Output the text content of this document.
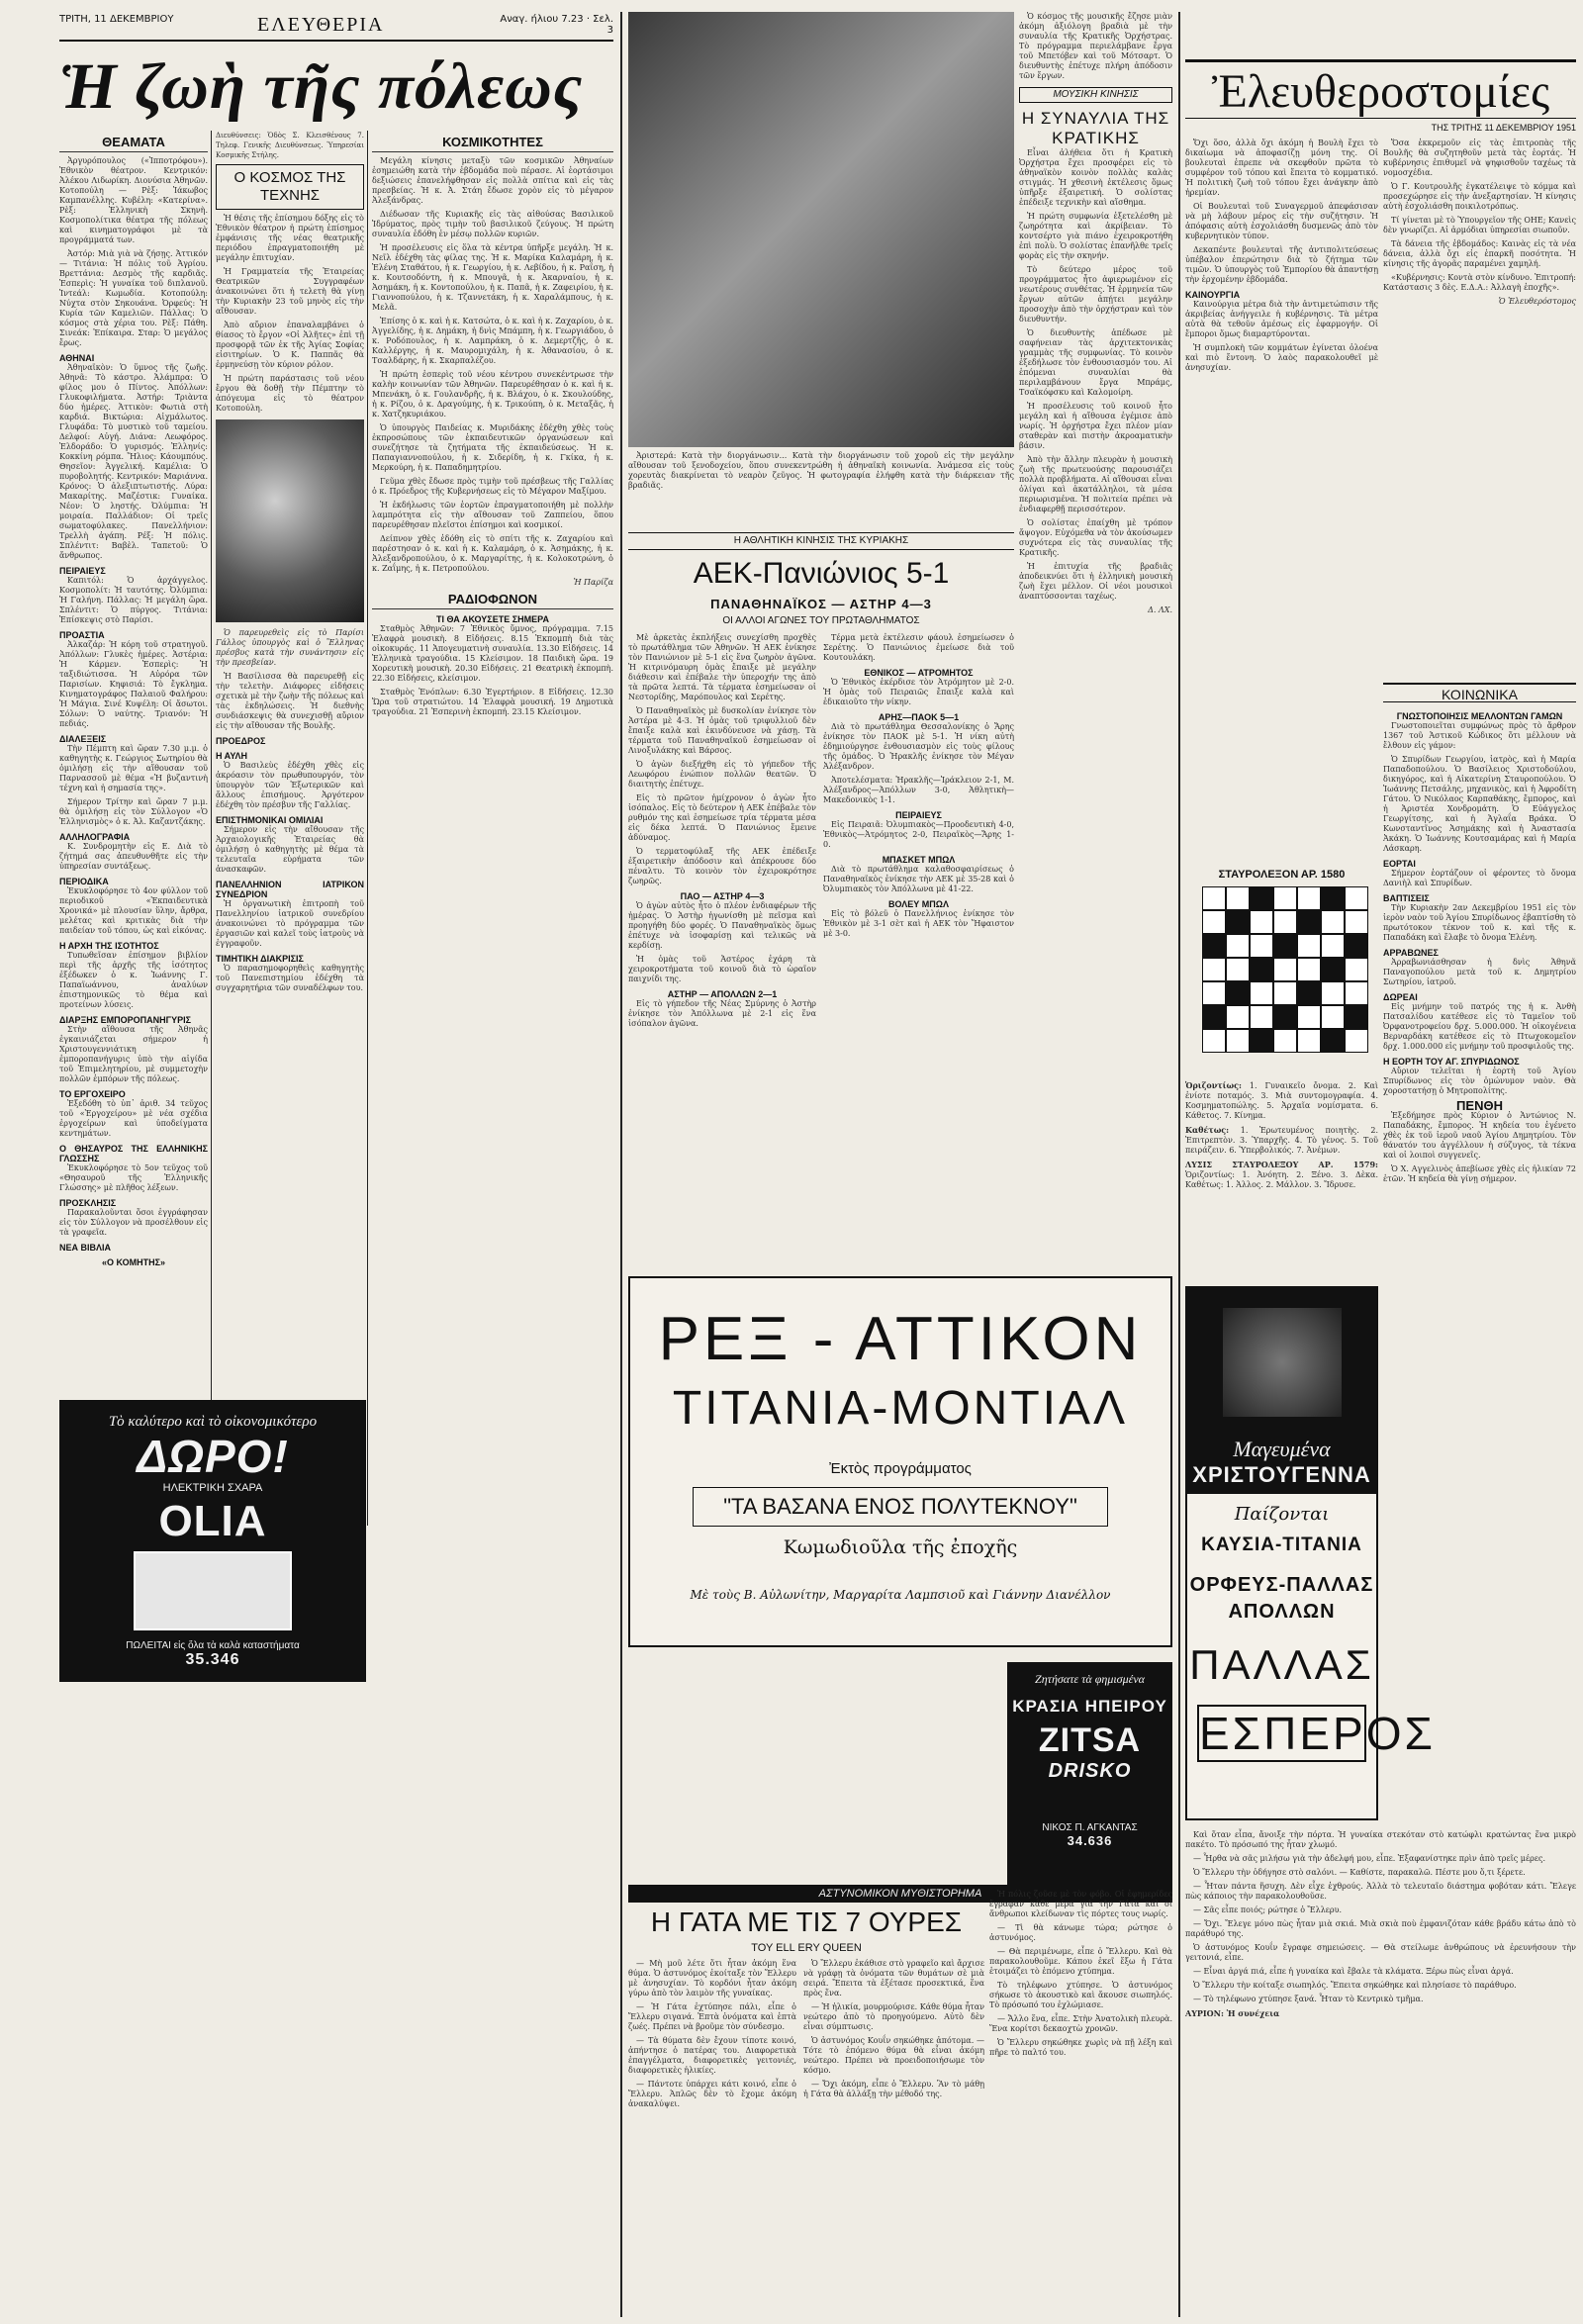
ΤΡΙΤΗ, 11 ΔΕΚΕΜΒΡΙΟΥ	ΕΛΕΥΘΕΡΙΑ	Αναγ. ήλιου 7.23 · Σελ. 3
Ἡ ζωὴ τῆς πόλεως
ΘΕΑΜΑΤΑ

Ἀργυρόπουλος («Ἰπποτρόφου»). Ἐθνικὸν θέατρον. Κεντρικόν: Ἀλέκου Λιδωρίκη. Διονύσια Ἀθηνῶν. Κοτοπούλη — Ρὲξ: Ἰάκωβος Καμπανέλλης. Κυβέλη: «Κατερίνα». Ρὲξ: Ἑλληνικὴ Σκηνὴ. Κοσμοπολίτικα θέατρα τῆς πόλεως καὶ κινηματογράφοι μὲ τὰ προγράμματά των.

Ἀστόρ: Μιὰ γιὰ νὰ ζήσῃς. Ἀττικόν — Τιτάνια: Ἡ πόλις τοῦ Ἀγρίου. Βρεττάνια: Δεσμὸς τῆς καρδιᾶς. Ἐσπερὶς: Ἡ γυναίκα τοῦ διπλανοῦ. Ἰντεάλ: Κωμωδία. Κοτοπούλη: Νύχτα στὸν Σηκουάνα. Ὀρφεύς: Ἡ Κυρία τῶν Καμελιῶν. Πάλλας: Ὁ κόσμος στὰ χέρια του. Ρὲξ: Πάθη. Σινεάκ: Ἐπίκαιρα. Σταρ: Ὁ μεγάλος ἔρως.

ΑΘΗΝΑΙ

Ἀθηναϊκὸν: Ὁ ὕμνος τῆς ζωῆς. Ἀθηνᾶ: Τὸ κάστρο. Ἀλάμπρα: Ὁ φίλος μου ὁ Πίντος. Ἀπόλλων: Γλυκοφιλήματα. Ἀστήρ: Τριὰντα δύο ἡμέρες. Ἀττικὸν: Φωτιὰ στὴ καρδιά. Βικτώρια: Αἰχμάλωτος. Γλυφάδα: Τὸ μυστικὸ τοῦ ταμείου. Δελφοί: Αὐγή. Διάνα: Λεωφόρος. Ἐλδοράδο: Ὁ γυρισμός. Ἑλληνίς: Κοκκίνη ρόμπα. Ἥλιος: Κάουμπόυς. Θησεῖον: Ἀγγελική. Καμέλια: Ὁ πυροβολητής. Κεντρικόν: Μαριάννα. Κρόνος: Ὁ ἀλεξιπτωτιστής. Λύρα: Μακαρίτης. Μαζέστικ: Γυναίκα. Νέον: Ὁ ληστής. Ὀλύμπια: Ἡ μοιραία. Παλλάδιον: Οἱ τρεῖς σωματοφύλακες. Πανελλήνιον: Τρελλὴ ἀγάπη. Ρέξ: Ἡ πόλις. Σπλέντιτ: Βαβὲλ. Ταπετοῦ: Ὁ ἄνθρωπος.

ΠΕΙΡΑΙΕΥΣ

Καπιτόλ: Ὁ ἀρχάγγελος. Κοσμοπολίτ: Ἡ ταυτότης. Ὀλύμπια: Ἡ Γαλήνη. Πάλλας: Ἡ μεγάλη ὥρα. Σπλέντιτ: Ὁ πύργος. Τιτάνια: Ἐπίσκεψις στὸ Παρίσι.

ΠΡΟΑΣΤΙΑ

Ἀλκαζάρ: Ἡ κόρη τοῦ στρατηγοῦ. Ἀπόλλων: Γλυκὲς ἡμέρες. Ἀστέρια: Ἡ Κάρμεν. Ἑσπερὶς: Ἡ ταξιδιώτισσα. Ἡ Αὐρόρα τῶν Παρισίων. Κηφισιά: Τὸ ἔγκλημα. Κινηματογράφος Παλαιοῦ Φαλήρου: Ἡ Μάγια. Σινέ Κυψέλη: Οἱ ἄσωτοι. Σόλων: Ὁ ναύτης. Τριανόν: Ἡ πεδιάς.

ΔΙΑΛΕΞΕΙΣ

Τὴν Πέμπτη καὶ ὥραν 7.30 μ.μ. ὁ καθηγητὴς κ. Γεώργιος Σωτηρίου θὰ ὁμιλήσῃ εἰς τὴν αἴθουσαν τοῦ Παρνασσοῦ μὲ θέμα «Ἡ βυζαντινὴ τέχνη καὶ ἡ σημασία της».

Σήμερον Τρίτην καὶ ὥραν 7 μ.μ. θὰ ὁμιλήσῃ εἰς τὸν Σύλλογον «Ὁ Ἑλληνισμὸς» ὁ κ. Ἀλ. Καζαντζάκης.

ΑΛΛΗΛΟΓΡΑΦΙΑ

Κ. Συνδρομητὴν εἰς Ε. Διὰ τὸ ζήτημά σας ἀπευθυνθῆτε εἰς τὴν ὑπηρεσίαν συντάξεως.

ΠΕΡΙΟΔΙΚΑ

Ἐκυκλοφόρησε τὸ 4ον φύλλον τοῦ περιοδικοῦ «Ἐκπαιδευτικὰ Χρονικά» μὲ πλουσίαν ὕλην, ἄρθρα, μελέτας καὶ κριτικὰς διὰ τὴν παιδείαν τοῦ τόπου, ὡς καὶ εἰκόνας.

Η ΑΡΧΗ ΤΗΣ ΙΣΟΤΗΤΟΣ

Τυπωθεῖσαν ἐπίσημον βιβλίον περὶ τῆς ἀρχῆς τῆς ἰσότητος ἐξέδωκεν ὁ κ. Ἰωάννης Γ. Παπαϊωάννου, ἀναλύων ἐπιστημονικῶς τὸ θέμα καὶ προτείνων λύσεις.

ΔΙΑΡΞΗΣ ΕΜΠΟΡΟΠΑΝΗΓΥΡΙΣ

Στὴν αἴθουσα τῆς Ἀθηνᾶς ἐγκαινιάζεται σήμερον ἡ Χριστουγεννιάτικη ἐμποροπανήγυρις ὑπὸ τὴν αἰγίδα τοῦ Ἐπιμελητηρίου, μὲ συμμετοχὴν πολλῶν ἐμπόρων τῆς πόλεως.

ΤΟ ΕΡΓΟΧΕΙΡΟ

Ἐξεδόθη τὸ ὑπ᾽ ἀριθ. 34 τεῦχος τοῦ «Ἐργοχείρου» μὲ νέα σχέδια ἐργοχείρων καὶ ὑποδείγματα κεντημάτων.

Ο ΘΗΣΑΥΡΟΣ ΤΗΣ ΕΛΛΗΝΙΚΗΣ ΓΛΩΣΣΗΣ

Ἐκυκλοφόρησε τὸ 5ον τεῦχος τοῦ «Θησαυροῦ τῆς Ἑλληνικῆς Γλώσσης» μὲ πλῆθος λέξεων.

ΠΡΟΣΚΛΗΣΙΣ

Παρακαλοῦνται ὅσοι ἐγγράφησαν εἰς τὸν Σύλλογον νὰ προσέλθουν εἰς τὰ γραφεῖα.

ΝΕΑ ΒΙΒΛΙΑ
«Ο ΚΟΜΗΤΗΣ»

Διευθύνσεις: Ὁδὸς Σ. Κλεισθένους 7. Τηλεφ. Γενικῆς Διευθύνσεως. Ὑπηρεσίαι Κοσμικῆς Στήλης.

Ο ΚΟΣΜΟΣ ΤΗΣ ΤΕΧΝΗΣ

Ἡ θέσις τῆς ἐπίσημου δόξης εἰς τὸ Ἐθνικὸν θέατρον ἡ πρώτη ἐπίσημος ἐμφάνισις τῆς νέας θεατρικῆς περιόδου ἐπραγματοποιήθη μὲ μεγάλην ἐπιτυχίαν.

Ἡ Γραμματεία τῆς Ἑταιρείας Θεατρικῶν Συγγραφέων ἀνακοινώνει ὅτι ἡ τελετὴ θὰ γίνῃ τὴν Κυριακὴν 23 τοῦ μηνὸς εἰς τὴν αἴθουσαν.

Ἀπὸ αὔριον ἐπαναλαμβάνει ὁ θίασος τὸ ἔργον «Οἱ Ἀλῆτες» ἐπὶ τῇ προσφορᾷ τῶν ἐκ τῆς Ἀγίας Σοφίας εἰσιτηρίων. Ὁ Κ. Παππᾶς θὰ ἑρμηνεύσῃ τὸν κύριον ρόλον.

Ἡ πρώτη παράστασις τοῦ νέου ἔργου θὰ δοθῇ τὴν Πέμπτην τὸ ἀπόγευμα εἰς τὸ θέατρον Κοτοπούλη.

Ὁ παρευρεθεὶς εἰς τὸ Παρίσι Γάλλος ὑπουργὸς καὶ ὁ Ἕλληνας πρέσβυς κατὰ τὴν συνάντησιν εἰς τὴν πρεσβείαν.

Ἡ Βασίλισσα θὰ παρευρεθῇ εἰς τὴν τελετὴν. Διάφορες εἰδήσεις σχετικὰ μὲ τὴν ζωὴν τῆς πόλεως καὶ τὰς ἐκδηλώσεις. Ἡ διεθνὴς συνδιάσκεψις θὰ συνεχισθῇ αὔριον εἰς τὴν αἴθουσαν τῆς Βουλῆς.

ΠΡΟΕΔΡΟΣ
Η ΑΥΛΗ

Ὁ Βασιλεὺς ἐδέχθη χθὲς εἰς ἀκρόασιν τὸν πρωθυπουργόν, τὸν ὑπουργὸν τῶν Ἐξωτερικῶν καὶ ἄλλους ἐπισήμους. Ἀργότερον ἐδέχθη τὸν πρέσβυν τῆς Γαλλίας.

ΕΠΙΣΤΗΜΟΝΙΚΑΙ ΟΜΙΛΙΑΙ

Σήμερον εἰς τὴν αἴθουσαν τῆς Ἀρχαιολογικῆς Ἑταιρείας θὰ ὁμιλήσῃ ὁ καθηγητὴς μὲ θέμα τὰ τελευταῖα εὑρήματα τῶν ἀνασκαφῶν.

ΠΑΝΕΛΛΗΝΙΟΝ ΙΑΤΡΙΚΟΝ ΣΥΝΕΔΡΙΟΝ

Ἡ ὀργανωτικὴ ἐπιτροπὴ τοῦ Πανελληνίου ἰατρικοῦ συνεδρίου ἀνακοινώνει τὸ πρόγραμμα τῶν ἐργασιῶν καὶ καλεῖ τοὺς ἰατροὺς νὰ ἐγγραφοῦν.

ΤΙΜΗΤΙΚΗ ΔΙΑΚΡΙΣΙΣ

Ὁ παρασημοφορηθεὶς καθηγητὴς τοῦ Πανεπιστημίου ἐδέχθη τὰ συγχαρητήρια τῶν συναδέλφων του.

ΚΟΣΜΙΚΟΤΗΤΕΣ

Μεγάλη κίνησις μεταξὺ τῶν κοσμικῶν Ἀθηναίων ἐσημειώθη κατὰ τὴν ἑβδομάδα ποὺ πέρασε. Αἱ ἑορτάσιμοι δεξιώσεις ἐπανελήφθησαν εἰς πολλὰ σπίτια καὶ εἰς τὰς πρεσβείας. Ἡ κ. Ἀ. Στάη ἔδωσε χορὸν εἰς τὸ μέγαρον Ἀλεξάνδρας.

Διέδωσαν τῆς Κυριακῆς εἰς τὰς αἰθούσας Βασιλικοῦ Ἱδρύματος, πρὸς τιμὴν τοῦ βασιλικοῦ ζεύγους. Ἡ πρώτη συναυλία ἐδόθη ἐν μέσῳ πολλῶν κυριῶν.

Ἡ προσέλευσις εἰς ὅλα τὰ κέντρα ὑπῆρξε μεγάλη. Ἡ κ. Νεῖλ ἐδέχθη τὰς φίλας της. Ἡ κ. Μαρίκα Καλαμάρη, ἡ κ. Ἐλένη Σταθάτου, ἡ κ. Γεωργίου, ἡ κ. Λεβίδου, ἡ κ. Ραΐση, ἡ κ. Κουτσοδόντη, ἡ κ. Μπουγᾶ, ἡ κ. Ἀκαρναίου, ἡ κ. Ἀσημάκη, ἡ κ. Κοντοπούλου, ἡ κ. Παπᾶ, ἡ κ. Ζαφειρίου, ἡ κ. Γιαννοπούλου, ἡ κ. Τζαννετάκη, ἡ κ. Χαραλάμπους, ἡ κ. Μελᾶ.

Ἐπίσης ὁ κ. καὶ ἡ κ. Κατσώτα, ὁ κ. καὶ ἡ κ. Ζαχαρίου, ὁ κ. Ἀγγελίδης, ἡ κ. Δημάκη, ἡ δνὶς Μπάμπη, ἡ κ. Γεωργιάδου, ὁ κ. Ροδόπουλος, ἡ κ. Λαμπράκη, ὁ κ. Δεμερτζῆς, ὁ κ. Καλλέργης, ἡ κ. Μαυρομιχάλη, ἡ κ. Ἀθανασίου, ὁ κ. Τσαλδάρης, ἡ κ. Σκαρπαλέζου.

Ἡ πρώτη ἐσπερὶς τοῦ νέου κέντρου συνεκέντρωσε τὴν καλὴν κοινωνίαν τῶν Ἀθηνῶν. Παρευρέθησαν ὁ κ. καὶ ἡ κ. Μπενάκη, ὁ κ. Γουλανδρῆς, ἡ κ. Βλάχου, ὁ κ. Σκουλούδης, ἡ κ. Ρίζου, ὁ κ. Δραγούμης, ἡ κ. Τρικούπη, ὁ κ. Μεταξᾶς, ἡ κ. Χατζηκυριάκου.

Ὁ ὑπουργὸς Παιδείας κ. Μυριδάκης ἐδέχθη χθὲς τοὺς ἐκπροσώπους τῶν ἐκπαιδευτικῶν ὀργανώσεων καὶ συνεζήτησε τὰ ζητήματα τῆς ἐκπαιδεύσεως. Ἡ κ. Παπαγιαννοπούλου, ἡ κ. Σιδερίδη, ἡ κ. Γκίκα, ἡ κ. Μερκούρη, ἡ κ. Παπαδημητρίου.

Γεῦμα χθὲς ἔδωσε πρὸς τιμὴν τοῦ πρέσβεως τῆς Γαλλίας ὁ κ. Πρόεδρος τῆς Κυβερνήσεως εἰς τὸ Μέγαρον Μαξίμου.

Ἡ ἐκδήλωσις τῶν ἑορτῶν ἐπραγματοποιήθη μὲ πολλὴν λαμπρότητα εἰς τὴν αἴθουσαν τοῦ Ζαππείου, ὅπου παρευρέθησαν πλεῖστοι ἐπίσημοι καὶ κοσμικοί.

Δείπνον χθὲς ἐδόθη εἰς τὸ σπίτι τῆς κ. Ζαχαρίου καὶ παρέστησαν ὁ κ. καὶ ἡ κ. Καλαμάρη, ὁ κ. Ἀσημάκης, ἡ κ. Ἀλεξανδροπούλου, ὁ κ. Μαργαρίτης, ἡ κ. Κολοκοτρώνη, ὁ κ. Ζαΐμης, ἡ κ. Πετροπούλου.

Ἡ Παρίζα

ΡΑΔΙΟΦΩΝΟΝ
ΤΙ ΘΑ ΑΚΟΥΣΕΤΕ ΣΗΜΕΡΑ

Σταθμὸς Ἀθηνῶν: 7 Ἐθνικὸς ὕμνος, πρόγραμμα. 7.15 Ἐλαφρὰ μουσικὴ. 8 Εἰδήσεις. 8.15 Ἐκπομπὴ διὰ τὰς οἰκοκυράς. 11 Ἀπογευματινὴ συναυλία. 13.30 Εἰδήσεις. 14 Ἑλληνικὰ τραγούδια. 15 Κλείσιμον. 18 Παιδικὴ ὥρα. 19 Χορευτικὴ μουσικὴ. 20.30 Εἰδήσεις. 21 Θεατρικὴ ἐκπομπὴ. 22.30 Εἰδήσεις, κλείσιμον.

Σταθμὸς Ἐνόπλων: 6.30 Ἐγερτήριον. 8 Εἰδήσεις. 12.30 Ὥρα τοῦ στρατιώτου. 14 Ἐλαφρὰ μουσική. 19 Δημοτικὰ τραγούδια. 21 Ἑσπερινὴ ἐκπομπή. 23.15 Κλείσιμον.

Τὸ καλύτερο καὶ τὸ οἰκονομικότερο
ΔΩΡΟ!
ΗΛΕΚΤΡΙΚΗ ΣΧΑΡΑ
OLIA
ΠΩΛΕΙΤΑΙ εἰς ὅλα τὰ καλὰ καταστήματα
35.346

Ἀριστερά: Κατὰ τὴν διοργάνωσιν... Κατὰ τὴν διοργάνωσιν τοῦ χοροῦ εἰς τὴν μεγάλην αἴθουσαν τοῦ ξενοδοχείου, ὅπου συνεκεντρώθη ἡ ἀθηναϊκὴ κοινωνία. Ἀνάμεσα εἰς τοὺς χορευτὰς διακρίνεται τὸ νεαρὸν ζεῦγος. Ἡ φωτογραφία ἐλήφθη κατὰ τὴν διάρκειαν τῆς βραδιᾶς.

Ὁ κόσμος τῆς μουσικῆς ἔζησε μιὰν ἀκόμη ἀξιόλογη βραδιὰ μὲ τὴν συναυλία τῆς Κρατικῆς Ὀρχήστρας. Τὸ πρόγραμμα περιελάμβανε ἔργα τοῦ Μπετόβεν καὶ τοῦ Μότσαρτ. Ὁ διευθυντὴς ἐπέτυχε πλήρη ἀπόδοσιν τῶν ἔργων.

ΜΟΥΣΙΚΗ ΚΙΝΗΣΙΣ
Η ΣΥΝΑΥΛΙΑ ΤΗΣ ΚΡΑΤΙΚΗΣ

Εἶναι ἀλήθεια ὅτι ἡ Κρατικὴ Ὀρχήστρα ἔχει προσφέρει εἰς τὸ ἀθηναϊκὸν κοινὸν πολλὰς καλὰς στιγμάς. Ἡ χθεσινὴ ἐκτέλεσις ὅμως ὑπῆρξε ἐξαιρετική. Ὁ σολίστας ἐπέδειξε τεχνικὴν καὶ αἴσθημα.

Ἡ πρώτη συμφωνία ἐξετελέσθη μὲ ζωηρότητα καὶ ἀκρίβειαν. Τὸ κοντσέρτο γιὰ πιάνο ἐχειροκροτήθη ἐπὶ πολὺ. Ὁ σολίστας ἐπανῆλθε τρεῖς φορὰς εἰς τὴν σκηνήν.

Τὸ δεύτερο μέρος τοῦ προγράμματος ἦτο ἀφιερωμένον εἰς νεωτέρους συνθέτας. Ἡ ἑρμηνεία τῶν ἔργων αὐτῶν ἀπῄτει μεγάλην προσοχὴν ἀπὸ τὴν ὀρχήστραν καὶ τὸν διευθυντήν.

Ὁ διευθυντὴς ἀπέδωσε μὲ σαφήνειαν τὰς ἀρχιτεκτονικὰς γραμμὰς τῆς συμφωνίας. Τὸ κοινὸν ἐξεδήλωσε τὸν ἐνθουσιασμόν του. Αἱ ἑπόμεναι συναυλίαι θὰ περιλαμβάνουν ἔργα Μπράμς, Τσαϊκόφσκυ καὶ Καλομοίρη.

Ἡ προσέλευσις τοῦ κοινοῦ ἦτο μεγάλη καὶ ἡ αἴθουσα ἐγέμισε ἀπὸ νωρίς. Ἡ ὀρχήστρα ἔχει πλέον μίαν σταθερὰν καὶ πιστὴν ἀκροαματικὴν βάσιν.

Ἀπὸ τὴν ἄλλην πλευρὰν ἡ μουσικὴ ζωὴ τῆς πρωτευούσης παρουσιάζει πολλὰ προβλήματα. Αἱ αἴθουσαι εἶναι ὀλίγαι καὶ ἀκατάλληλοι, τὰ μέσα περιωρισμένα. Ἡ πολιτεία πρέπει νὰ ἐνδιαφερθῇ περισσότερον.

Ὁ σολίστας ἐπαίχθη μὲ τρόπον ἄψογον. Εὐχόμεθα νὰ τὸν ἀκούσωμεν συχνότερα εἰς τὰς συναυλίας τῆς Κρατικῆς.

Ἡ ἐπιτυχία τῆς βραδιᾶς ἀποδεικνύει ὅτι ἡ ἑλληνικὴ μουσικὴ ζωὴ ἔχει μέλλον. Οἱ νέοι μουσικοὶ ἀναπτύσσονται ταχέως.

Δ. ΛΧ.

Η ΑΘΛΗΤΙΚΗ ΚΙΝΗΣΙΣ ΤΗΣ ΚΥΡΙΑΚΗΣ
ΑΕΚ-Πανιώνιος 5-1
ΠΑΝΑΘΗΝΑΪΚΟΣ — ΑΣΤΗΡ 4—3
ΟΙ ΑΛΛΟΙ ΑΓΩΝΕΣ ΤΟΥ ΠΡΩΤΑΘΛΗΜΑΤΟΣ

Μὲ ἀρκετὰς ἐκπλήξεις συνεχίσθη προχθὲς τὸ πρωτάθλημα τῶν Ἀθηνῶν. Ἡ ΑΕΚ ἐνίκησε τὸν Πανιώνιον μὲ 5-1 εἰς ἕνα ζωηρὸν ἀγῶνα. Ἡ κιτρινόμαυρη ὁμὰς ἔπαιξε μὲ μεγάλην διάθεσιν καὶ ἐπέβαλε τὴν ὑπεροχήν της ἀπὸ τὰ πρῶτα λεπτά. Τὰ τέρματα ἐσημείωσαν οἱ Νεστορίδης, Μαρόπουλος καὶ Σερέτης.

Ὁ Παναθηναϊκὸς μὲ δυσκολίαν ἐνίκησε τὸν Ἀστέρα μὲ 4-3. Ἡ ὁμὰς τοῦ τριφυλλιοῦ δὲν ἔπαιξε καλὰ καὶ ἐκινδύνευσε νὰ χάσῃ. Τὰ τέρματα τοῦ Παναθηναϊκοῦ ἐσημείωσαν οἱ Λινοξυλάκης καὶ Βάρσος.

Ὁ ἀγὼν διεξήχθη εἰς τὸ γήπεδον τῆς Λεωφόρου ἐνώπιον πολλῶν θεατῶν. Ὁ διαιτητὴς ἐπέτυχε.

Εἰς τὸ πρῶτον ἡμίχρονον ὁ ἀγὼν ἦτο ἰσόπαλος. Εἰς τὸ δεύτερον ἡ ΑΕΚ ἐπέβαλε τὸν ρυθμόν της καὶ ἐσημείωσε τρία τέρματα μέσα εἰς δέκα λεπτά. Ὁ Πανιώνιος ἔμεινε ἀδύναμος.

Ὁ τερματοφύλαξ τῆς ΑΕΚ ἐπέδειξε ἐξαιρετικὴν ἀπόδοσιν καὶ ἀπέκρουσε δύο πέναλτυ. Τὸ κοινὸν τὸν ἐχειροκρότησε ζωηρῶς.

ΠΑΟ — ΑΣΤΗΡ 4—3

Ὁ ἀγὼν αὐτὸς ἦτο ὁ πλέον ἐνδιαφέρων τῆς ἡμέρας. Ὁ Ἀστὴρ ἠγωνίσθη μὲ πεῖσμα καὶ προηγήθη δύο φορές. Ὁ Παναθηναϊκὸς ὅμως ἐπέτυχε νὰ ἰσοφαρίσῃ καὶ τελικῶς νὰ κερδίσῃ.

Ἡ ὁμὰς τοῦ Ἀστέρος ἐχάρη τὰ χειροκροτήματα τοῦ κοινοῦ διὰ τὸ ὡραῖον παιχνίδι της.

ΑΣΤΗΡ — ΑΠΟΛΛΩΝ 2—1

Εἰς τὸ γήπεδον τῆς Νέας Σμύρνης ὁ Ἀστὴρ ἐνίκησε τὸν Ἀπόλλωνα μὲ 2-1 εἰς ἕνα ἰσόπαλον ἀγῶνα.

Τέρμα μετὰ ἐκτέλεσιν φάουλ ἐσημείωσεν ὁ Σερέτης. Ὁ Πανιώνιος ἐμείωσε διὰ τοῦ Κουτουλάκη.

ΕΘΝΙΚΟΣ — ΑΤΡΟΜΗΤΟΣ

Ὁ Ἐθνικὸς ἐκέρδισε τὸν Ἀτρόμητον μὲ 2-0. Ἡ ὁμὰς τοῦ Πειραιῶς ἔπαιξε καλὰ καὶ ἐδικαιοῦτο τὴν νίκην.

ΑΡΗΣ—ΠΑΟΚ 5—1

Διὰ τὸ πρωτάθλημα Θεσσαλονίκης ὁ Ἄρης ἐνίκησε τὸν ΠΑΟΚ μὲ 5-1. Ἡ νίκη αὐτὴ ἐδημιούργησε ἐνθουσιασμὸν εἰς τοὺς φίλους τῆς ὁμάδος. Ὁ Ἡρακλῆς ἐνίκησε τὸν Μέγαν Ἀλέξανδρον.

Ἀποτελέσματα: Ἡρακλῆς—Ἰράκλειον 2-1, Μ. Ἀλέξανδρος—Ἀπόλλων 3-0, Ἀθλητικὴ—Μακεδονικὸς 1-1.

ΠΕΙΡΑΙΕΥΣ

Εἰς Πειραιᾶ: Ὀλυμπιακὸς—Προοδευτικὴ 4-0, Ἐθνικὸς—Ἀτρόμητος 2-0, Πειραϊκὸς—Ἄρης 1-0.

ΜΠΑΣΚΕΤ ΜΠΩΛ

Διὰ τὸ πρωτάθλημα καλαθοσφαιρίσεως ὁ Παναθηναϊκὸς ἐνίκησε τὴν ΑΕΚ μὲ 35-28 καὶ ὁ Ὀλυμπιακὸς τὸν Ἀπόλλωνα μὲ 41-22.

ΒΟΛΕΥ ΜΠΩΛ

Εἰς τὸ βόλεϋ ὁ Πανελλήνιος ἐνίκησε τὸν Ἐθνικὸν μὲ 3-1 σὲτ καὶ ἡ ΑΕΚ τὸν Ἥφαιστον μὲ 3-0.

ΡΕΞ - ΑΤΤΙΚΟΝ
ΤΙΤΑΝΙΑ-ΜΟΝΤΙΑΛ
Ἐκτὸς προγράμματος
"ΤΑ ΒΑΣΑΝΑ ΕΝΟΣ ΠΟΛΥΤΕΚΝΟΥ"
Κωμωδιοῦλα τῆς ἐποχῆς
Μὲ τοὺς Β. Αὐλωνίτην, Μαργαρίτα Λαμπσιοῦ καὶ Γιάννην Διανέλλον
Ζητήσατε τὰ φημισμένα
ΚΡΑΣΙΑ ΗΠΕΙΡΟΥ
ZITSA
DRISKO
ΝΙΚΟΣ Π. ΑΓΚΑΝΤΑΣ
34.636
ΑΣΤΥΝΟΜΙΚΟΝ ΜΥΘΙΣΤΟΡΗΜΑ
Η ΓΑΤΑ ΜΕ ΤΙΣ 7 ΟΥΡΕΣ
ΤΟΥ ELL ERY QUEEN

— Μὴ μοῦ λέτε ὅτι ἦταν ἀκόμη ἕνα θύμα. Ὁ ἀστυνόμος ἐκοίταξε τὸν Ἔλλερυ μὲ ἀνησυχίαν. Τὸ κορδόνι ἦταν ἀκόμη γύρω ἀπὸ τὸν λαιμὸν τῆς γυναίκας.

— Ἡ Γάτα ἐχτύπησε πάλι, εἶπε ὁ Ἔλλερυ σιγανά. Ἑπτὰ ὀνόματα καὶ ἑπτὰ ζωές. Πρέπει νὰ βροῦμε τὸν σύνδεσμο.

— Τὰ θύματα δὲν ἔχουν τίποτε κοινό, ἀπήντησε ὁ πατέρας του. Διαφορετικὰ ἐπαγγέλματα, διαφορετικὲς γειτονιές, διαφορετικὲς ἡλικίες.

— Πάντοτε ὑπάρχει κάτι κοινό, εἶπε ὁ Ἔλλερυ. Ἁπλῶς δὲν τὸ ἔχομε ἀκόμη ἀνακαλύψει.

Ὁ Ἔλλερυ ἐκάθισε στὸ γραφεῖο καὶ ἄρχισε νὰ γράφῃ τὰ ὀνόματα τῶν θυμάτων σὲ μιὰ σειρά. Ἔπειτα τὰ ἐξέτασε προσεκτικά, ἕνα πρὸς ἕνα.

— Ἡ ἡλικία, μουρμούρισε. Κάθε θύμα ἦταν νεώτερο ἀπὸ τὸ προηγούμενο. Αὐτὸ δὲν εἶναι σύμπτωσις.

Ὁ ἀστυνόμος Κουΐν σηκώθηκε ἀπότομα. — Τότε τὸ ἑπόμενο θύμα θὰ εἶναι ἀκόμη νεώτερο. Πρέπει νὰ προειδοποιήσωμε τὸν κόσμο.

— Ὄχι ἀκόμη, εἶπε ὁ Ἔλλερυ. Ἂν τὸ μάθῃ ἡ Γάτα θὰ ἀλλάξῃ τὴν μέθοδό της.

Ἡ πόλις ζοῦσε μὲ τὸν φόβο. Οἱ ἐφημερίδες ἔγραφαν κάθε μέρα γιὰ τὴν Γάτα καὶ οἱ ἄνθρωποι κλείδωναν τὶς πόρτες τους νωρίς.

— Τὶ θὰ κάνωμε τώρα; ρώτησε ὁ ἀστυνόμος.

— Θὰ περιμένωμε, εἶπε ὁ Ἔλλερυ. Καὶ θὰ παρακολουθοῦμε. Κάπου ἐκεῖ ἔξω ἡ Γάτα ἑτοιμάζει τὸ ἑπόμενο χτύπημα.

Τὸ τηλέφωνο χτύπησε. Ὁ ἀστυνόμος σήκωσε τὸ ἀκουστικὸ καὶ ἄκουσε σιωπηλός. Τὸ πρόσωπό του ἐχλώμιασε.

— Ἄλλο ἕνα, εἶπε. Στὴν Ἀνατολικὴ πλευρὰ. Ἕνα κορίτσι δεκαοχτὼ χρονῶν.

Ὁ Ἔλλερυ σηκώθηκε χωρὶς νὰ πῇ λέξη καὶ πῆρε τὸ παλτό του.

Ἐλευθεροστομίες
ΤΗΣ ΤΡΙΤΗΣ 11 ΔΕΚΕΜΒΡΙΟΥ 1951

Ὄχι ὅσο, ἀλλὰ ὄχι ἀκόμη ἡ Βουλὴ ἔχει τὸ δικαίωμα νὰ ἀποφασίζῃ μόνη της. Οἱ βουλευταὶ ἐπρεπε νὰ σκεφθοῦν πρῶτα τὸ συμφέρον τοῦ τόπου καὶ ἔπειτα τὸ κομματικό. Ἡ πολιτικὴ ζωὴ τοῦ τόπου ἔχει ἀνάγκην ἀπὸ ἠρεμίαν.

Οἱ Βουλευταὶ τοῦ Συναγερμοῦ ἀπεφάσισαν νὰ μὴ λάβουν μέρος εἰς τὴν συζήτησιν. Ἡ ἀπόφασις αὐτὴ ἐσχολιάσθη δυσμενῶς ἀπὸ τὸν κυβερνητικὸν τύπον.

Δεκαπέντε βουλευταὶ τῆς ἀντιπολιτεύσεως ὑπέβαλον ἐπερώτησιν διὰ τὸ ζήτημα τῶν τιμῶν. Ὁ ὑπουργὸς τοῦ Ἐμπορίου θὰ ἀπαντήσῃ τὴν ἐρχομένην ἑβδομάδα.

ΚΑΙΝΟΥΡΓΙΑ

Καινούργια μέτρα διὰ τὴν ἀντιμετώπισιν τῆς ἀκριβείας ἀνήγγειλε ἡ κυβέρνησις. Τὰ μέτρα αὐτὰ θὰ τεθοῦν ἀμέσως εἰς ἐφαρμογήν. Οἱ ἔμποροι ὅμως διαμαρτύρονται.

Ἡ συμπλοκὴ τῶν κομμάτων ἐγίνεται ὁλοένα καὶ πιὸ ἔντονη. Ὁ λαὸς παρακολουθεῖ μὲ ἀνησυχίαν.

Ὅσα ἐκκρεμοῦν εἰς τὰς ἐπιτροπὰς τῆς Βουλῆς θὰ συζητηθοῦν μετὰ τὰς ἑορτάς. Ἡ κυβέρνησις ἐπιθυμεῖ νὰ ψηφισθοῦν ταχέως τὰ νομοσχέδια.

Ὁ Γ. Κουτρουλῆς ἐγκατέλειψε τὸ κόμμα καὶ προσεχώρησε εἰς τὴν ἀνεξαρτησίαν. Ἡ κίνησις αὐτὴ ἐσχολιάσθη ποικιλοτρόπως.

Τί γίνεται μὲ τὸ Ὑπουργεῖον τῆς ΟΗΕ; Κανεὶς δὲν γνωρίζει. Αἱ ἀρμόδιαι ὑπηρεσίαι σιωποῦν.

Τὰ δάνεια τῆς ἑβδομάδος: Καινὰς εἰς τὰ νέα δάνεια, ἀλλὰ ὄχι εἰς ἐπαρκῆ ποσότητα. Ἡ κίνησις τῆς ἀγορᾶς παραμένει χαμηλή.

«Κυβέρνησις: Κοντὰ στὸν κίνδυνο. Ἐπιτροπή: Κατάστασις 3 δὲς. Ε.Δ.Α.: Ἀλλαγὴ ἐποχῆς».

Ὁ Ἐλευθερόστομος

ΚΟΙΝΩΝΙΚΑ
ΓΝΩΣΤΟΠΟΙΗΣΙΣ ΜΕΛΛΟΝΤΩΝ ΓΑΜΩΝ

Γνωστοποιεῖται συμφώνως πρὸς τὸ ἄρθρον 1367 τοῦ Ἀστικοῦ Κώδικος ὅτι μέλλουν νὰ ἔλθουν εἰς γάμον:

Ὁ Σπυρίδων Γεωργίου, ἰατρὸς, καὶ ἡ Μαρία Παπαδοπούλου. Ὁ Βασίλειος Χριστοδούλου, δικηγόρος, καὶ ἡ Αἰκατερίνη Σταυροπούλου. Ὁ Ἰωάννης Πετσάλης, μηχανικὸς, καὶ ἡ Ἀφροδίτη Γάτου. Ὁ Νικόλαος Καρπαθάκης, ἔμπορος, καὶ ἡ Ἀριστέα Χονδρομάτη. Ὁ Εὐάγγελος Γεωργίτσης, καὶ ἡ Ἀγλαΐα Βράκα. Ὁ Κωνσταντῖνος Ἀσημάκης καὶ ἡ Ἀναστασία Ἀκάκη. Ὁ Ἰωάννης Κουτσαμάρας καὶ ἡ Μαρία Λάσκαρη.

ΕΟΡΤΑΙ

Σήμερον ἑορτάζουν οἱ φέροντες τὸ ὄνομα Δανιὴλ καὶ Σπυρίδων.

ΒΑΠΤΙΣΕΙΣ

Τὴν Κυριακὴν 2αν Δεκεμβρίου 1951 εἰς τὸν ἱερὸν ναὸν τοῦ Ἁγίου Σπυρίδωνος ἐβαπτίσθη τὸ πρωτότοκον τέκνον τοῦ κ. καὶ τῆς κ. Παπαδάκη καὶ ἔλαβε τὸ ὄνομα Ἐλένη.

ΑΡΡΑΒΩΝΕΣ

Ἀρραβωνιάσθησαν ἡ δνὶς Ἀθηνᾶ Παναγοπούλου μετὰ τοῦ κ. Δημητρίου Σωτηρίου, ἰατροῦ.

ΔΩΡΕΑΙ

Εἰς μνήμην τοῦ πατρός της ἡ κ. Ἀνθὴ Πατσαλίδου κατέθεσε εἰς τὸ Ταμεῖον τοῦ Ὀρφανοτροφείου δρχ. 5.000.000. Ἡ οἰκογένεια Βερναρδάκη κατέθεσε εἰς τὸ Πτωχοκομεῖον δρχ. 1.000.000 εἰς μνήμην τοῦ προσφιλοῦς της.

Η ΕΟΡΤΗ ΤΟΥ ΑΓ. ΣΠΥΡΙΔΩΝΟΣ

Αὔριον τελεῖται ἡ ἑορτὴ τοῦ Ἁγίου Σπυρίδωνος εἰς τὸν ὁμώνυμον ναὸν. Θὰ χοροστατήσῃ ὁ Μητροπολίτης.

ΠΕΝΘΗ

Ἐξεδήμησε πρὸς Κύριον ὁ Ἀντώνιος Ν. Παπαδάκης, ἔμπορος. Ἡ κηδεία του ἐγένετο χθὲς ἐκ τοῦ ἱεροῦ ναοῦ Ἁγίου Δημητρίου. Τὸν θάνατόν του ἀγγέλλουν ἡ σύζυγος, τὰ τέκνα καὶ οἱ λοιποὶ συγγενεῖς.

Ὁ Χ. Αγγελινὸς ἀπεβίωσε χθὲς εἰς ἡλικίαν 72 ἐτῶν. Ἡ κηδεία θὰ γίνῃ σήμερον.

ΣΤΑΥΡΟΛΕΞΟΝ ΑΡ. 1580

Ὁριζοντίως: 1. Γυναικεῖο ὄνομα. 2. Καὶ ἐνίοτε ποταμός. 3. Μιὰ συντομογραφία. 4. Κοσμηματοπώλης. 5. Ἀρχαῖα νομίσματα. 6. Κάθετος. 7. Κίνημα.

Καθέτως: 1. Ἐρωτευμένος ποιητὴς. 2. Ἐπιτρεπτὸν. 3. Ὑπαρχῆς. 4. Τὸ γένος. 5. Τοῦ πειράζειν. 6. Ὑπερβολικός. 7. Ἀνέμων.

ΛΥΣΙΣ ΣΤΑΥΡΟΛΕΞΟΥ ΑΡ. 1579: Ὁριζοντίως: 1. Ἀνόητη. 2. Ξένο. 3. Δὲκα. Καθέτως: 1. Ἀλλος. 2. Μάλλον. 3. Ἴδρυσε.

Μαγευμένα
ΧΡΙΣΤΟΥΓΕΝΝΑ
Παίζονται
ΚΑΥΣΙΑ-ΤΙΤΑΝΙΑ
ΟΡΦΕΥΣ-ΠΑΛΛΑΣ
ΑΠΟΛΛΩΝ
ΠΑΛΛΑΣ
ΕΣΠΕΡΟΣ

Καὶ ὅταν εἶπα, ἄνοιξε τὴν πόρτα. Ἡ γυναίκα στεκόταν στὸ κατώφλι κρατώντας ἕνα μικρὸ πακέτο. Τὸ πρόσωπό της ἦταν χλωμό.

— Ἦρθα νὰ σᾶς μιλήσω γιὰ τὴν ἀδελφή μου, εἶπε. Ἐξαφανίστηκε πρὶν ἀπὸ τρεῖς μέρες.

Ὁ Ἔλλερυ τὴν ὁδήγησε στὸ σαλόνι. — Καθίστε, παρακαλῶ. Πέστε μου ὅ,τι ξέρετε.

— Ἦταν πάντα ἥσυχη. Δὲν εἶχε ἐχθρούς. Ἀλλὰ τὸ τελευταῖο διάστημα φοβόταν κάτι. Ἔλεγε πὼς κάποιος τὴν παρακολουθοῦσε.

— Σᾶς εἶπε ποιός; ρώτησε ὁ Ἔλλερυ.

— Ὄχι. Ἔλεγε μόνο πὼς ἦταν μιὰ σκιά. Μιὰ σκιὰ ποὺ ἐμφανιζόταν κάθε βράδυ κάτω ἀπὸ τὸ παράθυρό της.

Ὁ ἀστυνόμος Κουΐν ἔγραφε σημειώσεις. — Θὰ στείλωμε ἀνθρώπους νὰ ἐρευνήσουν τὴν γειτονιά, εἶπε.

— Εἶναι ἀργά πιά, εἶπε ἡ γυναίκα καὶ ἔβαλε τὰ κλάματα. Ξέρω πὼς εἶναι ἀργά.

Ὁ Ἔλλερυ τὴν κοίταξε σιωπηλός. Ἔπειτα σηκώθηκε καὶ πλησίασε τὸ παράθυρο.

— Τὸ τηλέφωνο χτύπησε ξανά. Ἦταν τὸ Κεντρικὸ τμῆμα.

ΑΥΡΙΟΝ: Ἡ συνέχεια
